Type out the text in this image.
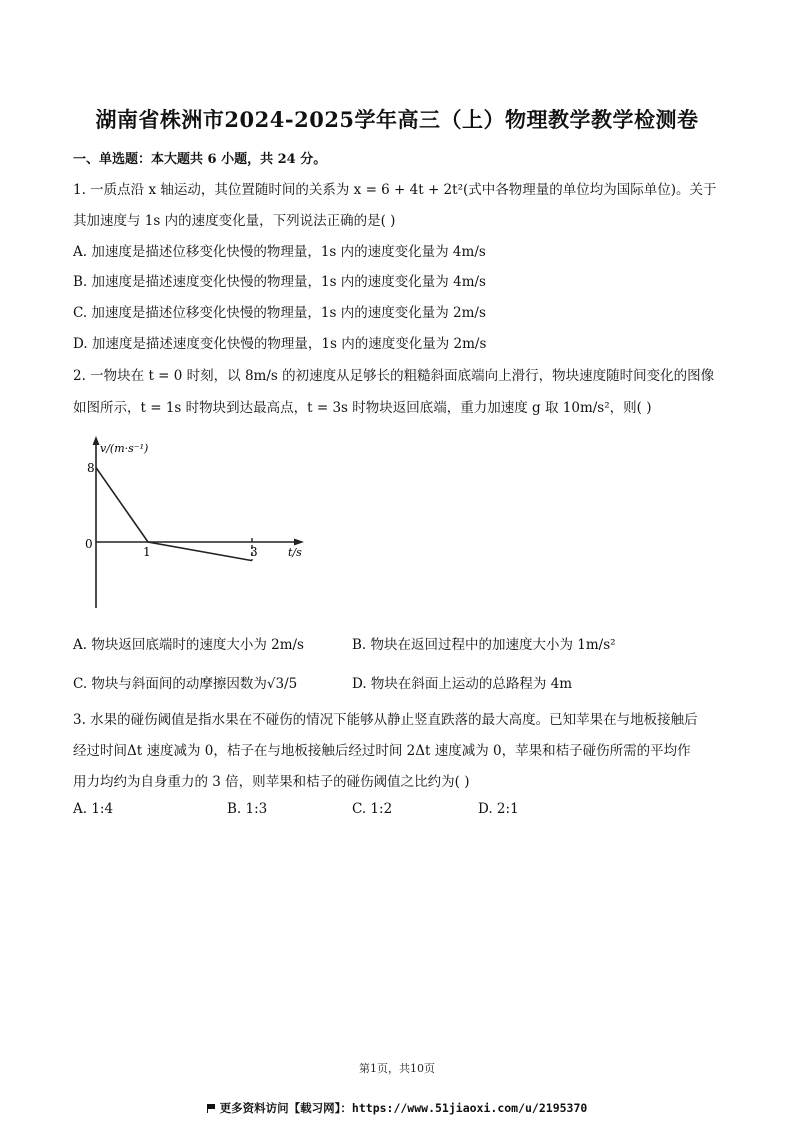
湖南省株洲市2024-2025学年高三（上）物理教学教学检测卷
一、单选题：本大题共 6 小题，共 24 分。
1. 一质点沿 x 轴运动，其位置随时间的关系为 x = 6 + 4t + 2t²(式中各物理量的单位均为国际单位)。关于
其加速度与 1s 内的速度变化量，下列说法正确的是( )
A. 加速度是描述位移变化快慢的物理量，1s 内的速度变化量为 4m/s
B. 加速度是描述速度变化快慢的物理量，1s 内的速度变化量为 4m/s
C. 加速度是描述位移变化快慢的物理量，1s 内的速度变化量为 2m/s
D. 加速度是描述速度变化快慢的物理量，1s 内的速度变化量为 2m/s
2. 一物块在 t = 0 时刻，以 8m/s 的初速度从足够长的粗糙斜面底端向上滑行，物块速度随时间变化的图像
如图所示，t = 1s 时物块到达最高点，t = 3s 时物块返回底端，重力加速度 g 取 10m/s²，则( )
v/(m·s⁻¹)
t/s
8
0
1	3
A. 物块返回底端时的速度大小为 2m/s	B. 物块在返回过程中的加速度大小为 1m/s²
C. 物块与斜面间的动摩擦因数为√3/5	D. 物块在斜面上运动的总路程为 4m
3. 水果的碰伤阈值是指水果在不碰伤的情况下能够从静止竖直跌落的最大高度。已知苹果在与地板接触后
经过时间Δt 速度减为 0，桔子在与地板接触后经过时间 2Δt 速度减为 0，苹果和桔子碰伤所需的平均作
用力均约为自身重力的 3 倍，则苹果和桔子的碰伤阈值之比约为( )
A. 1:4	B. 1:3	C. 1:2	D. 2:1
第1页，共10页
更多资料访问【载习网】：https://www.51jiaoxi.com/u/2195370
